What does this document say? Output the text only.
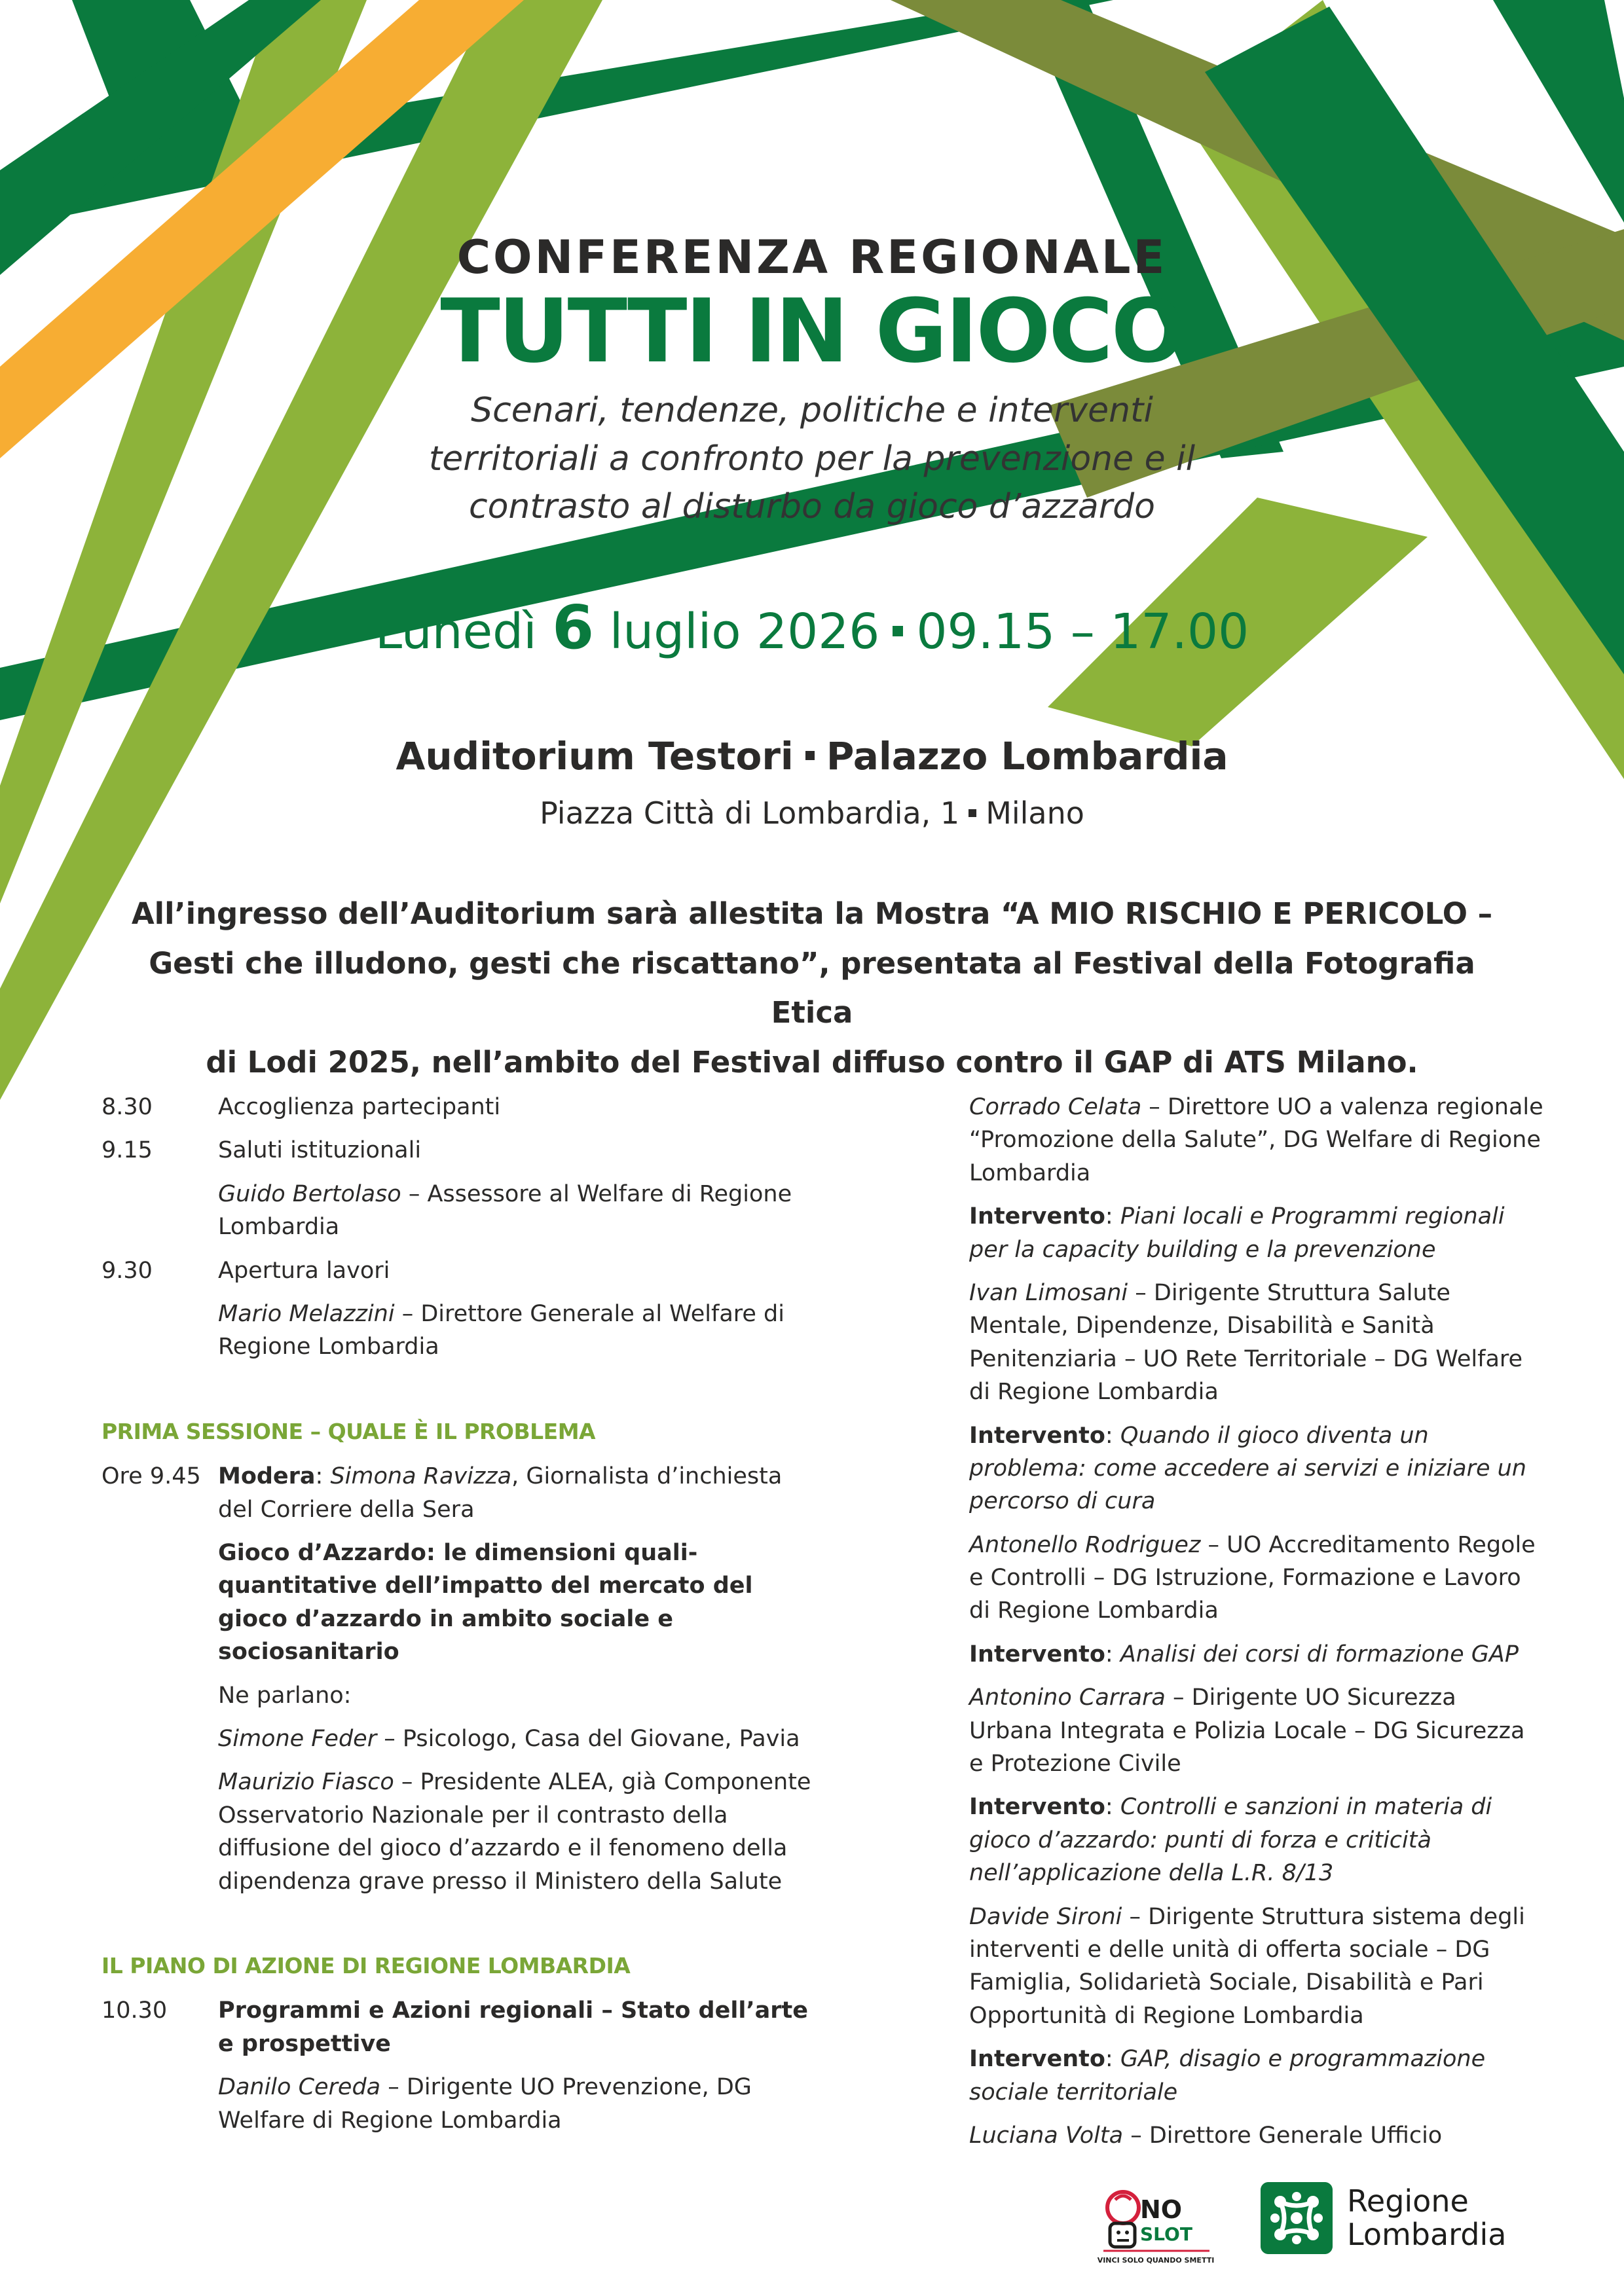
CONFERENZA REGIONALE
TUTTI IN GIOCO
Scenari, tendenze, politiche e interventi
territoriali a confronto per la prevenzione e il
contrasto al disturbo da gioco d’azzardo
Lunedì 6 luglio 2026 09.15 – 17.00
Auditorium Testori Palazzo Lombardia
Piazza Città di Lombardia, 1 Milano
All’ingresso dell’Auditorium sarà allestita la Mostra “A MIO RISCHIO E PERICOLO –
Gesti che illudono, gesti che riscattano”, presentata al Festival della Fotografia Etica
di Lodi 2025, nell’ambito del Festival diffuso contro il GAP di ATS Milano.
8.30	Accoglienza partecipanti
9.15	Saluti istituzionali
Guido Bertolaso – Assessore al Welfare di Regione Lombardia
9.30	Apertura lavori
Mario Melazzini – Direttore Generale al Welfare di Regione Lombardia
PRIMA SESSIONE – QUALE È IL PROBLEMA
Ore 9.45 Modera: Simona Ravizza, Giornalista d’inchiesta del Corriere della Sera
Gioco d’Azzardo: le dimensioni quali-quantitative dell’impatto del mercato del gioco d’azzardo in ambito sociale e sociosanitario
Ne parlano:
Simone Feder – Psicologo, Casa del Giovane, Pavia
Maurizio Fiasco – Presidente ALEA, già Componente Osservatorio Nazionale per il contrasto della diffusione del gioco d’azzardo e il fenomeno della dipendenza grave presso il Ministero della Salute
IL PIANO DI AZIONE DI REGIONE LOMBARDIA
10.30	Programmi e Azioni regionali – Stato dell’arte e prospettive
Danilo Cereda – Dirigente UO Prevenzione, DG Welfare di Regione Lombardia
Corrado Celata – Direttore UO a valenza regionale “Promozione della Salute”, DG Welfare di Regione Lombardia
Intervento: Piani locali e Programmi regionali per la capacity building e la prevenzione
Ivan Limosani – Dirigente Struttura Salute Mentale, Dipendenze, Disabilità e Sanità Penitenziaria – UO Rete Territoriale – DG Welfare di Regione Lombardia
Intervento: Quando il gioco diventa un problema: come accedere ai servizi e iniziare un percorso di cura
Antonello Rodriguez – UO Accreditamento Regole e Controlli – DG Istruzione, Formazione e Lavoro di Regione Lombardia
Intervento: Analisi dei corsi di formazione GAP
Antonino Carrara – Dirigente UO Sicurezza Urbana Integrata e Polizia Locale – DG Sicurezza e Protezione Civile
Intervento: Controlli e sanzioni in materia di gioco d’azzardo: punti di forza e criticità nell’applicazione della L.R. 8/13
Davide Sironi – Dirigente Struttura sistema degli interventi e delle unità di offerta sociale – DG Famiglia, Solidarietà Sociale, Disabilità e Pari Opportunità di Regione Lombardia
Intervento: GAP, disagio e programmazione sociale territoriale
Luciana Volta – Direttore Generale Ufficio
NO
SLOT
VINCI SOLO QUANDO SMETTI
Regione
Lombardia
